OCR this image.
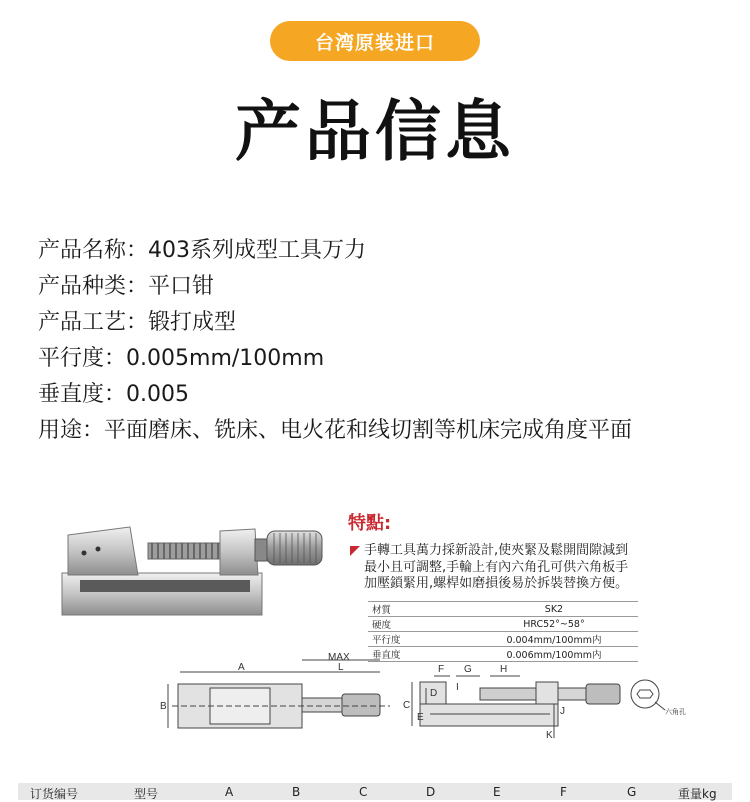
台湾原装进口
产品信息
产品名称：403系列成型工具万力
产品种类：平口钳
产品工艺：锻打成型
平行度：0.005mm/100mm
垂直度：0.005
用途：平面磨床、铣床、电火花和线切割等机床完成角度平面
特點:
手轉工具萬力採新設計,使夾緊及鬆開間隙減到
最小且可調整,手輪上有內六角孔可供六角板手
加壓鎖緊用,螺桿如磨損後易於拆裝替換方便。
材質	SK2
硬度	HRC52°~58°
平行度	0.004mm/100mm内
垂直度	0.006mm/100mm内
MAX
A	L
B	C
D
E
F G	H
I
J
K
六角孔
订货编号	型号	A	B	C	D	E	F	G	重量kg
